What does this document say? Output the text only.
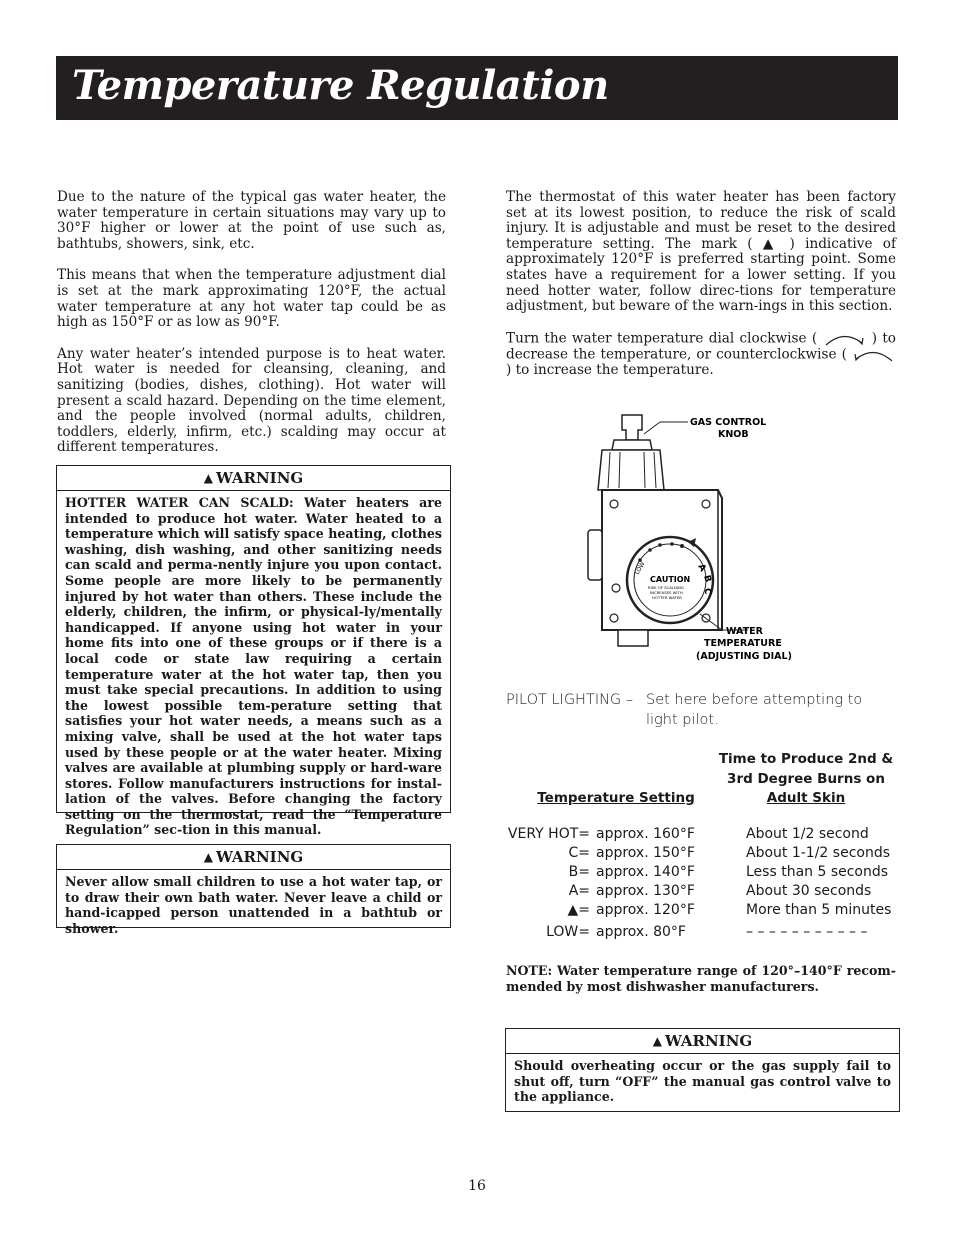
Temperature Regulation

Due to the nature of the typical gas water heater, the water temperature in certain situations may vary up to 30°F higher or lower at the point of use such as, bathtubs, showers, sink, etc.

This means that when the temperature adjustment dial is set at the mark approximating 120°F, the actual water temperature at any hot water tap could be as high as 150°F or as low as 90°F.

Any water heater’s intended purpose is to heat water. Hot water is needed for cleansing, cleaning, and sanitizing (bodies, dishes, clothing). Hot water will present a scald hazard. Depending on the time element, and the people involved (normal adults, children, toddlers, elderly, infirm, etc.) scalding may occur at different temperatures.

▲ WARNING
HOTTER WATER CAN SCALD: Water heaters are intended to produce hot water. Water heated to a temperature which will satisfy space heating, clothes washing, dish washing, and other sanitizing needs can scald and perma-nently injure you upon contact. Some people are more likely to be permanently injured by hot water than others. These include the elderly, children, the infirm, or physical-ly/mentally handicapped. If anyone using hot water in your home fits into one of these groups or if there is a local code or state law requiring a certain temperature water at the hot water tap, then you must take special precautions. In addition to using the lowest possible tem-perature setting that satisfies your hot water needs, a means such as a mixing valve, shall be used at the hot water taps used by these people or at the water heater. Mixing valves are available at plumbing supply or hard-ware stores. Follow manufacturers instructions for instal-lation of the valves. Before changing the factory setting on the thermostat, read the “Temperature Regulation” sec-tion in this manual.
▲ WARNING
Never allow small children to use a hot water tap, or to draw their own bath water. Never leave a child or hand-icapped person unattended in a bathtub or shower.

The thermostat of this water heater has been factory set at its lowest position, to reduce the risk of scald injury. It is adjustable and must be reset to the desired temperature setting. The mark ( ▲ ) indicative of approximately 120°F is preferred starting point. Some states have a requirement for a lower setting. If you need hotter water, follow direc-tions for temperature adjustment, but beware of the warn-ings in this section.

Turn the water temperature dial clockwise (	) to decrease the temperature, or counterclockwise (  ) to increase the temperature.

LOW	A
B
C
CAUTION
RISK OF SCALDING
INCREASES WITH
HOTTER WATER
GAS CONTROL
KNOB
WATER
TEMPERATURE
(ADJUSTING DIAL)
PILOT LIGHTING – Set here before attempting to light pilot.
Time to Produce 2nd &
3rd Degree Burns on
Adult Skin
Temperature Setting
VERY HOT= approx. 160°F	About 1/2 second
C= approx. 150°F	About 1-1/2 seconds
B= approx. 140°F	Less than 5 seconds
A= approx. 130°F	About 30 seconds
▲= approx. 120°F	More than 5 minutes
LOW= approx. 80°F	– – – – – – – – – – –
NOTE: Water temperature range of 120°–140°F recom-mended by most dishwasher manufacturers.
▲ WARNING
Should overheating occur or the gas supply fail to shut off, turn “OFF” the manual gas control valve to the appliance.
16
